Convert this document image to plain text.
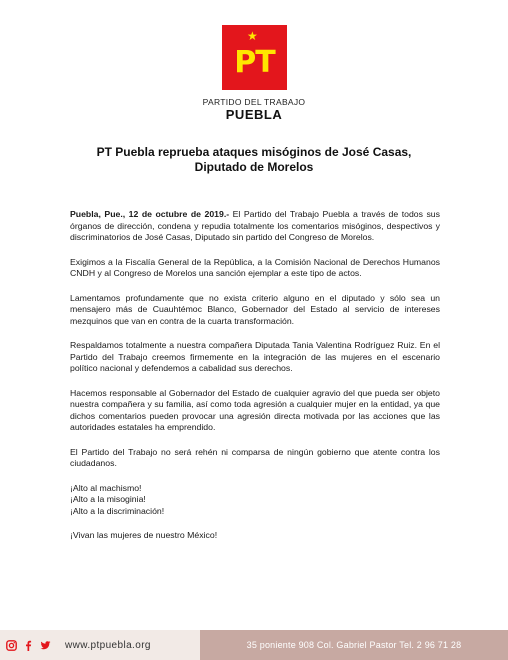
★
PT
PARTIDO DEL TRABAJO
PUEBLA
PT Puebla reprueba ataques misóginos de José Casas,
Diputado de Morelos

Puebla, Pue., 12 de octubre de 2019.- El Partido del Trabajo Puebla a través de todos sus órganos de dirección, condena y repudia totalmente los comentarios misóginos, despectivos y discriminatorios de José Casas, Diputado sin partido del Congreso de Morelos.

Exigimos a la Fiscalía General de la República, a la Comisión Nacional de Derechos Humanos CNDH y al Congreso de Morelos una sanción ejemplar a este tipo de actos.

Lamentamos profundamente que no exista criterio alguno en el diputado y sólo sea un mensajero más de Cuauhtémoc Blanco, Gobernador del Estado al servicio de intereses mezquinos que van en contra de la cuarta transformación.

Respaldamos totalmente a nuestra compañera Diputada Tania Valentina Rodríguez Ruiz. En el Partido del Trabajo creemos firmemente en la integración de las mujeres en el escenario político nacional y defendemos a cabalidad sus derechos.

Hacemos responsable al Gobernador del Estado de cualquier agravio del que pueda ser objeto nuestra compañera y su familia, así como toda agresión a cualquier mujer en la entidad, ya que dichos comentarios pueden provocar una agresión directa motivada por las acciones que las autoridades estatales ha emprendido.

El Partido del Trabajo no será rehén ni comparsa de ningún gobierno que atente contra los ciudadanos.

¡Alto al machismo!
¡Alto a la misoginia!
¡Alto a la discriminación!

¡Vivan las mujeres de nuestro México!

www.ptpuebla.org	35 poniente 908 Col. Gabriel Pastor Tel. 2 96 71 28
